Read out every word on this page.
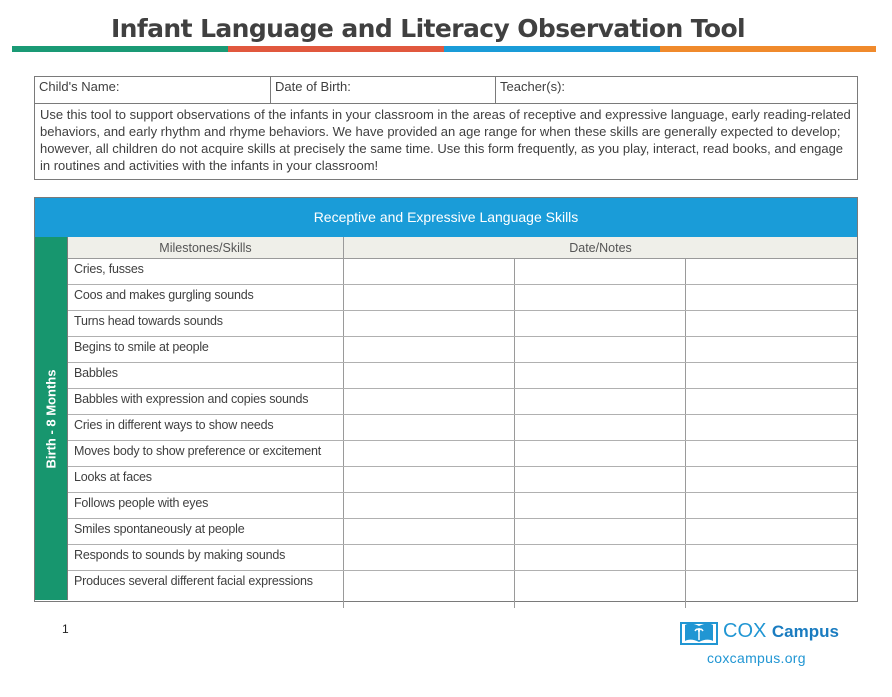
Infant Language and Literacy Observation Tool
Child's Name:	Date of Birth:	Teacher(s):
Use this tool to support observations of the infants in your classroom in the areas of receptive and expressive language, early reading-related behaviors, and early rhythm and rhyme behaviors. We have provided an age range for when these skills are generally expected to develop; however, all children do not acquire skills at precisely the same time. Use this form frequently, as you play, interact, read books, and engage in routines and activities with the infants in your classroom!
Receptive and Expressive Language Skills
Birth - 8 Months
Milestones/Skills	Date/Notes
Cries, fusses
Coos and makes gurgling sounds
Turns head towards sounds
Begins to smile at people
Babbles
Babbles with expression and copies sounds
Cries in different ways to show needs
Moves body to show preference or excitement
Looks at faces
Follows people with eyes
Smiles spontaneously at people
Responds to sounds by making sounds
Produces several different facial expressions
1	COX Campus
coxcampus.org
